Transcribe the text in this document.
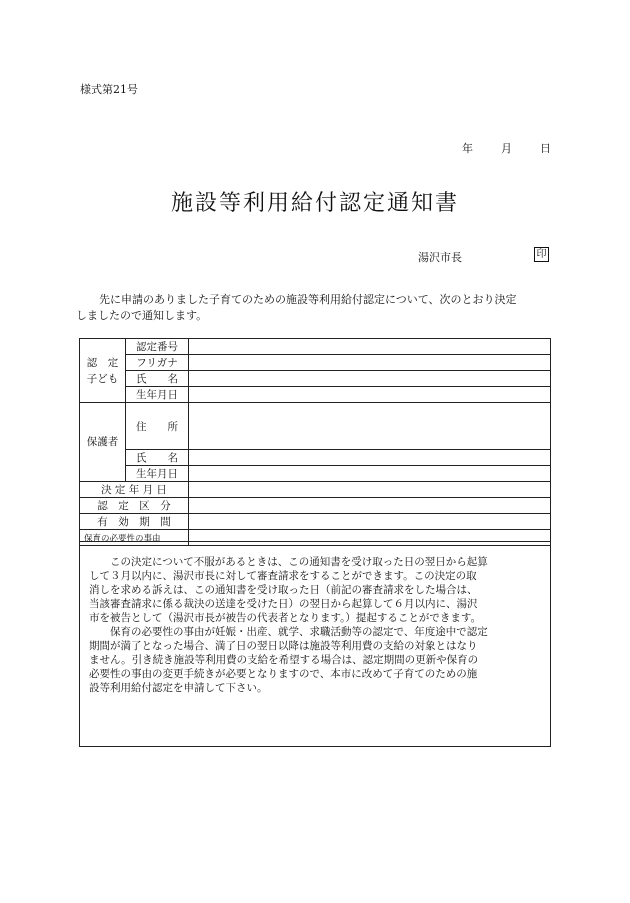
様式第21号
年	月	日
施設等利用給付認定通知書
湯沢市長	印
先に申請のありました子育てのための施設等利用給付認定について、次のとおり決定
しましたので通知します。
認　定
子ども	認定番号	
	フリガナ	
	氏　　名	
	生年月日	
保護者	住　　所	
	氏　　名	
	生年月日	
決 定 年 月 日		
認　定　区　分		
有　効　期　間		
保育の必要性の事由		

この決定について不服があるときは、この通知書を受け取った日の翌日から起算
して３月以内に、湯沢市長に対して審査請求をすることができます。この決定の取
消しを求める訴えは、この通知書を受け取った日（前記の審査請求をした場合は、
当該審査請求に係る裁決の送達を受けた日）の翌日から起算して６月以内に、湯沢
市を被告として（湯沢市長が被告の代表者となります。）提起することができます。

保育の必要性の事由が妊娠・出産、就学、求職活動等の認定で、年度途中で認定
期間が満了となった場合、満了日の翌日以降は施設等利用費の支給の対象とはなり
ません。引き続き施設等利用費の支給を希望する場合は、認定期間の更新や保育の
必要性の事由の変更手続きが必要となりますので、本市に改めて子育てのための施
設等利用給付認定を申請して下さい。
